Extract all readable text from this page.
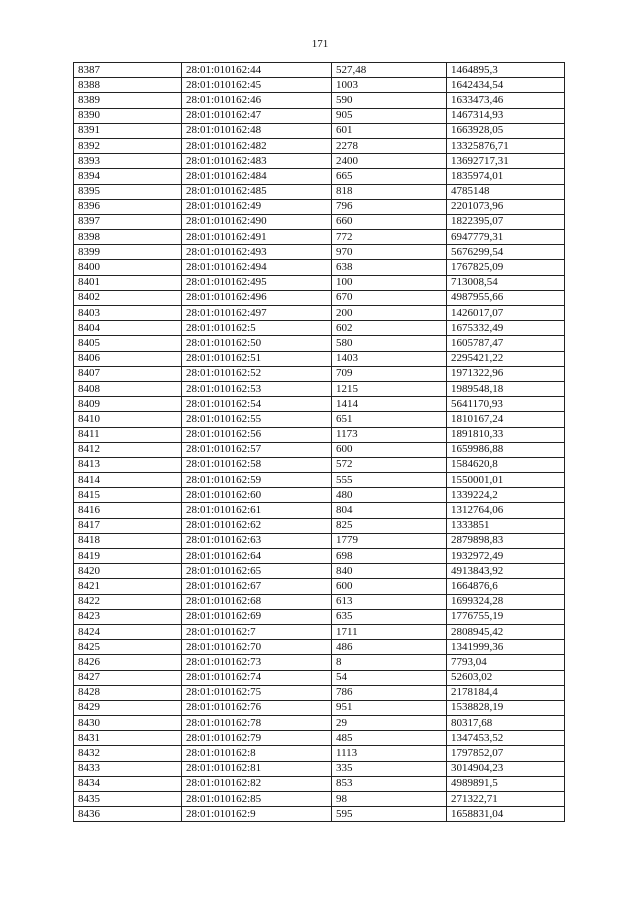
171
8387	28:01:010162:44	527,48	1464895,3
8388	28:01:010162:45	1003	1642434,54
8389	28:01:010162:46	590	1633473,46
8390	28:01:010162:47	905	1467314,93
8391	28:01:010162:48	601	1663928,05
8392	28:01:010162:482	2278	13325876,71
8393	28:01:010162:483	2400	13692717,31
8394	28:01:010162:484	665	1835974,01
8395	28:01:010162:485	818	4785148
8396	28:01:010162:49	796	2201073,96
8397	28:01:010162:490	660	1822395,07
8398	28:01:010162:491	772	6947779,31
8399	28:01:010162:493	970	5676299,54
8400	28:01:010162:494	638	1767825,09
8401	28:01:010162:495	100	713008,54
8402	28:01:010162:496	670	4987955,66
8403	28:01:010162:497	200	1426017,07
8404	28:01:010162:5	602	1675332,49
8405	28:01:010162:50	580	1605787,47
8406	28:01:010162:51	1403	2295421,22
8407	28:01:010162:52	709	1971322,96
8408	28:01:010162:53	1215	1989548,18
8409	28:01:010162:54	1414	5641170,93
8410	28:01:010162:55	651	1810167,24
8411	28:01:010162:56	1173	1891810,33
8412	28:01:010162:57	600	1659986,88
8413	28:01:010162:58	572	1584620,8
8414	28:01:010162:59	555	1550001,01
8415	28:01:010162:60	480	1339224,2
8416	28:01:010162:61	804	1312764,06
8417	28:01:010162:62	825	1333851
8418	28:01:010162:63	1779	2879898,83
8419	28:01:010162:64	698	1932972,49
8420	28:01:010162:65	840	4913843,92
8421	28:01:010162:67	600	1664876,6
8422	28:01:010162:68	613	1699324,28
8423	28:01:010162:69	635	1776755,19
8424	28:01:010162:7	1711	2808945,42
8425	28:01:010162:70	486	1341999,36
8426	28:01:010162:73	8	7793,04
8427	28:01:010162:74	54	52603,02
8428	28:01:010162:75	786	2178184,4
8429	28:01:010162:76	951	1538828,19
8430	28:01:010162:78	29	80317,68
8431	28:01:010162:79	485	1347453,52
8432	28:01:010162:8	1113	1797852,07
8433	28:01:010162:81	335	3014904,23
8434	28:01:010162:82	853	4989891,5
8435	28:01:010162:85	98	271322,71
8436	28:01:010162:9	595	1658831,04
